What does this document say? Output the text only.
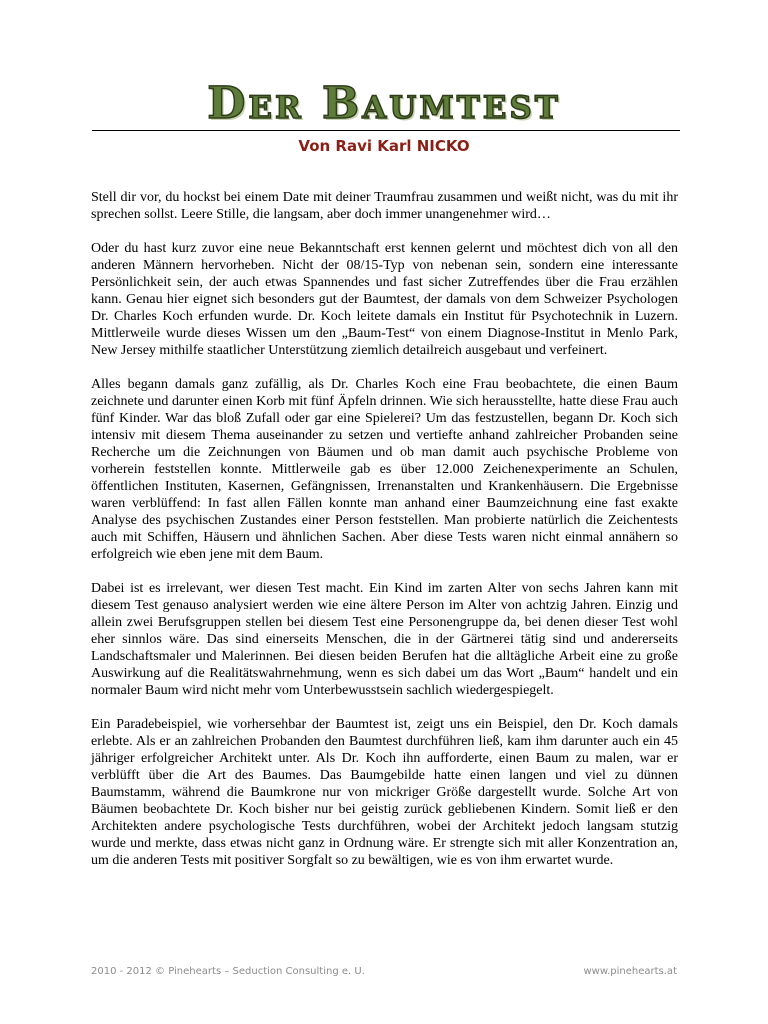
Der Baumtest
Von Ravi Karl NICKO

Stell dir vor, du hockst bei einem Date mit deiner Traumfrau zusammen und weißt nicht, was du mit ihr sprechen sollst. Leere Stille, die langsam, aber doch immer unangenehmer wird…

Oder du hast kurz zuvor eine neue Bekanntschaft erst kennen gelernt und möchtest dich von all den anderen Männern hervorheben. Nicht der 08/15-Typ von nebenan sein, sondern eine interessante Persönlichkeit sein, der auch etwas Spannendes und fast sicher Zutreffendes über die Frau erzählen kann. Genau hier eignet sich besonders gut der Baumtest, der damals von dem Schweizer Psychologen Dr. Charles Koch erfunden wurde. Dr. Koch leitete damals ein Institut für Psychotechnik in Luzern. Mittlerweile wurde dieses Wissen um den „Baum-Test“ von einem Diagnose-Institut in Menlo Park, New Jersey mithilfe staatlicher Unterstützung ziemlich detailreich ausgebaut und verfeinert.

Alles begann damals ganz zufällig, als Dr. Charles Koch eine Frau beobachtete, die einen Baum zeichnete und darunter einen Korb mit fünf Äpfeln drinnen. Wie sich herausstellte, hatte diese Frau auch fünf Kinder. War das bloß Zufall oder gar eine Spielerei? Um das festzustellen, begann Dr. Koch sich intensiv mit diesem Thema auseinander zu setzen und vertiefte anhand zahlreicher Probanden seine Recherche um die Zeichnungen von Bäumen und ob man damit auch psychische Probleme von vorherein feststellen konnte. Mittlerweile gab es über 12.000 Zeichenexperimente an Schulen, öffentlichen Instituten, Kasernen, Gefängnissen, Irrenanstalten und Krankenhäusern. Die Ergebnisse waren verblüffend: In fast allen Fällen konnte man anhand einer Baumzeichnung eine fast exakte Analyse des psychischen Zustandes einer Person feststellen. Man probierte natürlich die Zeichentests auch mit Schiffen, Häusern und ähnlichen Sachen. Aber diese Tests waren nicht einmal annähern so erfolgreich wie eben jene mit dem Baum.

Dabei ist es irrelevant, wer diesen Test macht. Ein Kind im zarten Alter von sechs Jahren kann mit diesem Test genauso analysiert werden wie eine ältere Person im Alter von achtzig Jahren. Einzig und allein zwei Berufsgruppen stellen bei diesem Test eine Personengruppe da, bei denen dieser Test wohl eher sinnlos wäre. Das sind einerseits Menschen, die in der Gärtnerei tätig sind und andererseits Landschaftsmaler und Malerinnen. Bei diesen beiden Berufen hat die alltägliche Arbeit eine zu große Auswirkung auf die Realitätswahrnehmung, wenn es sich dabei um das Wort „Baum“ handelt und ein normaler Baum wird nicht mehr vom Unterbewusstsein sachlich wiedergespiegelt.

Ein Paradebeispiel, wie vorhersehbar der Baumtest ist, zeigt uns ein Beispiel, den Dr. Koch damals erlebte. Als er an zahlreichen Probanden den Baumtest durchführen ließ, kam ihm darunter auch ein 45 jähriger erfolgreicher Architekt unter. Als Dr. Koch ihn aufforderte, einen Baum zu malen, war er verblüfft über die Art des Baumes. Das Baumgebilde hatte einen langen und viel zu dünnen Baumstamm, während die Baumkrone nur von mickriger Größe dargestellt wurde. Solche Art von Bäumen beobachtete Dr. Koch bisher nur bei geistig zurück gebliebenen Kindern. Somit ließ er den Architekten andere psychologische Tests durchführen, wobei der Architekt jedoch langsam stutzig wurde und merkte, dass etwas nicht ganz in Ordnung wäre. Er strengte sich mit aller Konzentration an, um die anderen Tests mit positiver Sorgfalt so zu bewältigen, wie es von ihm erwartet wurde.

2010 - 2012 © Pinehearts – Seduction Consulting e. U.	www.pinehearts.at
